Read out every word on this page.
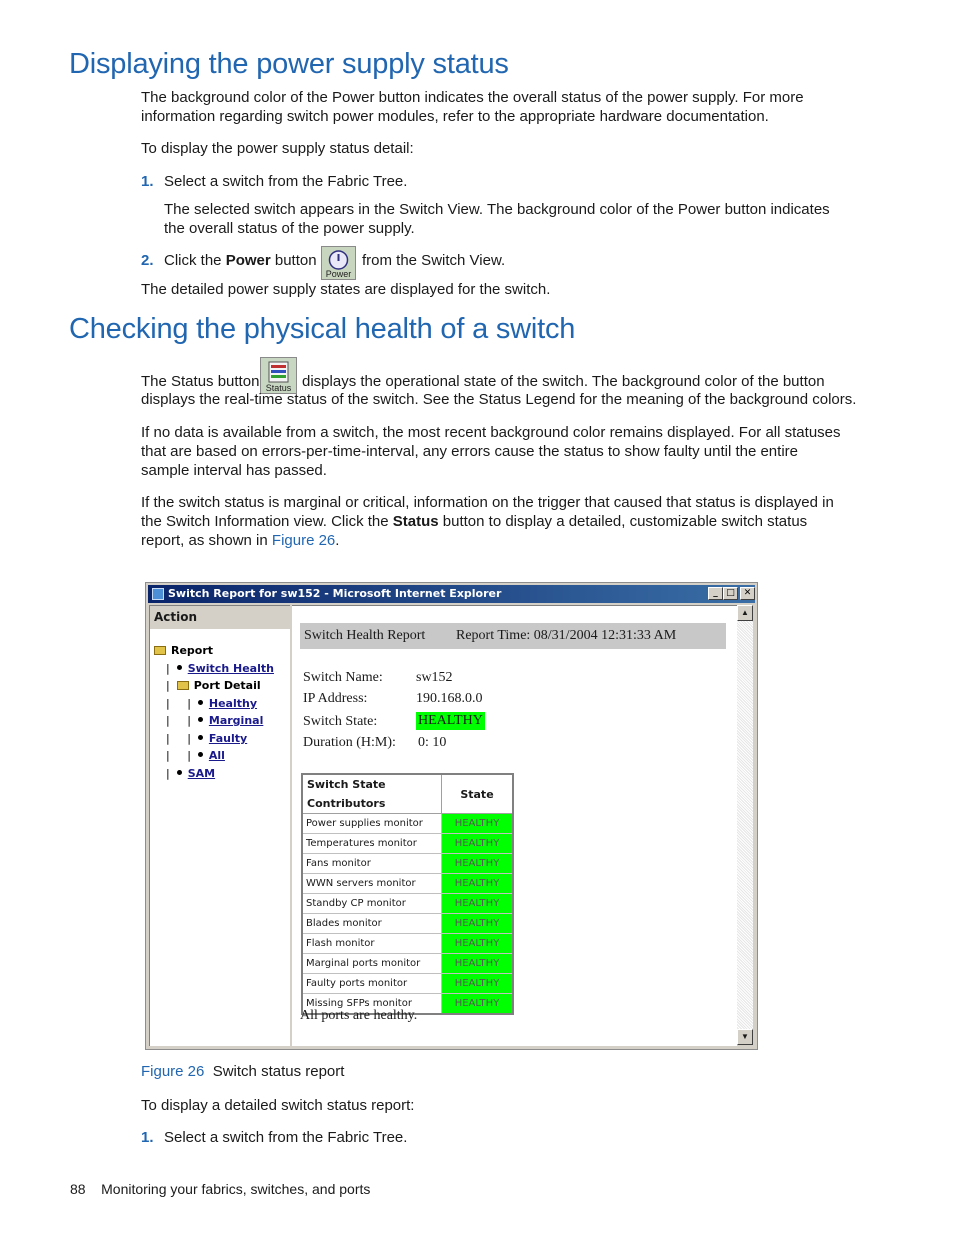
Displaying the power supply status

The background color of the Power button indicates the overall status of the power supply. For more information regarding switch power modules, refer to the appropriate hardware documentation.

To display the power supply status detail:

1. Select a switch from the Fabric Tree.

The selected switch appears in the Switch View. The background color of the Power button indicates the overall status of the power supply.

2. Click the Power button
Power
from the Switch View.

The detailed power supply states are displayed for the switch.

Checking the physical health of a switch
The Status button Status displays the operational state of the switch. The background color of the button
displays the real-time status of the switch. See the Status Legend for the meaning of the background colors.

If no data is available from a switch, the most recent background color remains displayed. For all statuses that are based on errors-per-time-interval, any errors cause the status to show faulty until the entire sample interval has passed.

If the switch status is marginal or critical, information on the trigger that caused that status is displayed in the Switch Information view. Click the Status button to display a detailed, customizable switch status report, as shown in Figure 26.

Switch Report for sw152 - Microsoft Internet Explorer	_ □ ✕
Action
Report
|  Switch Health
|  Port Detail
|     |  Healthy
|     |  Marginal
|     |  Faulty
|     |  All
|  SAM
Switch Health Report Report Time: 08/31/2004 12:31:33 AM
Switch Name: sw152
IP Address:	190.168.0.0
Switch State:	HEALTHY
Duration (H:M): 0: 10
Switch State Contributors	State
Power supplies monitor	HEALTHY
Temperatures monitor	HEALTHY
Fans monitor	HEALTHY
WWN servers monitor	HEALTHY
Standby CP monitor	HEALTHY
Blades monitor	HEALTHY
Flash monitor	HEALTHY
Marginal ports monitor	HEALTHY
Faulty ports monitor	HEALTHY
Missing SFPs monitor	HEALTHY
All ports are healthy.
▲
▼
Figure 26 Switch status report

To display a detailed switch status report:

1. Select a switch from the Fabric Tree.
88 Monitoring your fabrics, switches, and ports
